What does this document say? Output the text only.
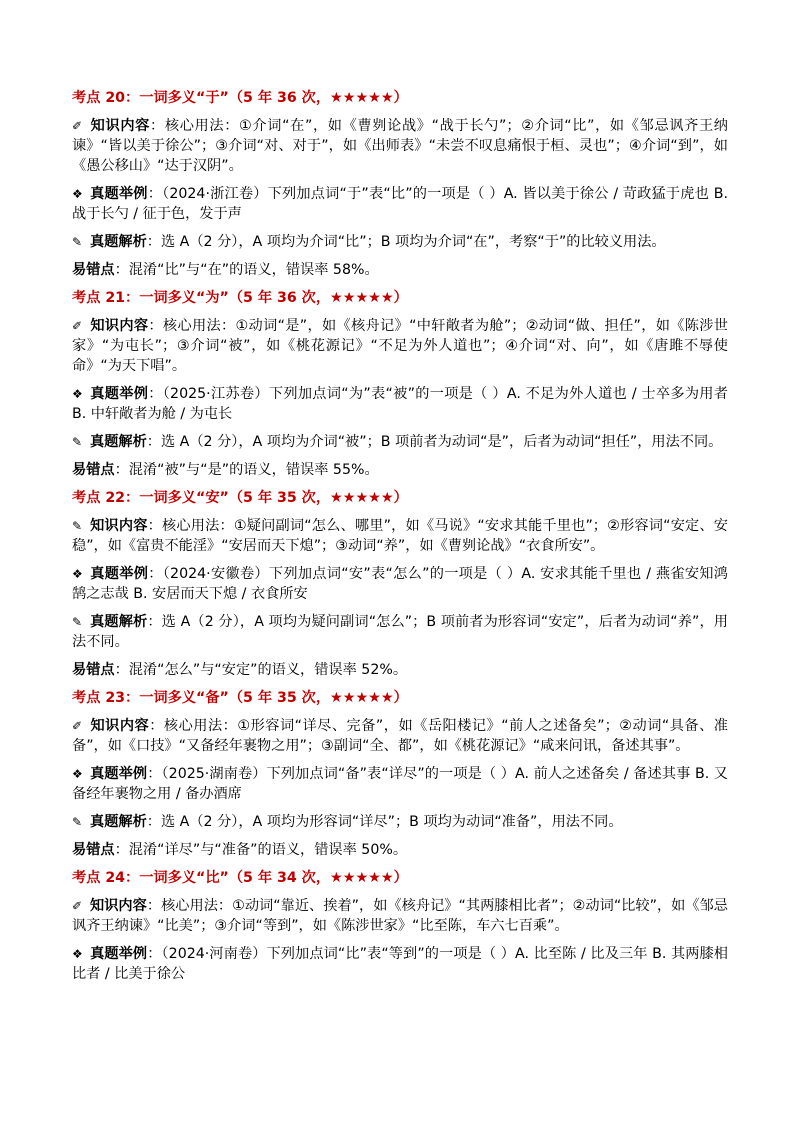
考点 20：一词多义“于”（5 年 36 次，★★★★★）

✐ 知识内容：核心用法：①介词“在”，如《曹刿论战》“战于长勺”；②介词“比”，如《邹忌讽齐王纳谏》“皆以美于徐公”；③介词“对、对于”，如《出师表》“未尝不叹息痛恨于桓、灵也”；④介词“到”，如《愚公移山》“达于汉阴”。

❖ 真题举例：（2024·浙江卷）下列加点词“于”表“比”的一项是（ ）A. 皆以美于徐公 / 苛政猛于虎也 B. 战于长勺 / 征于色，发于声

✎ 真题解析：选 A（2 分），A 项均为介词“比”；B 项均为介词“在”，考察“于”的比较义用法。

易错点：混淆“比”与“在”的语义，错误率 58%。

考点 21：一词多义“为”（5 年 36 次，★★★★★）

✐ 知识内容：核心用法：①动词“是”，如《核舟记》“中轩敞者为舱”；②动词“做、担任”，如《陈涉世家》“为屯长”；③介词“被”，如《桃花源记》“不足为外人道也”；④介词“对、向”，如《唐雎不辱使命》“为天下唱”。

❖ 真题举例：（2025·江苏卷）下列加点词“为”表“被”的一项是（ ）A. 不足为外人道也 / 士卒多为用者 B. 中轩敞者为舱 / 为屯长

✎ 真题解析：选 A（2 分），A 项均为介词“被”；B 项前者为动词“是”，后者为动词“担任”，用法不同。

易错点：混淆“被”与“是”的语义，错误率 55%。

考点 22：一词多义“安”（5 年 35 次，★★★★★）

✎ 知识内容：核心用法：①疑问副词“怎么、哪里”，如《马说》“安求其能千里也”；②形容词“安定、安稳”，如《富贵不能淫》“安居而天下熄”；③动词“养”，如《曹刿论战》“衣食所安”。

❖ 真题举例：（2024·安徽卷）下列加点词“安”表“怎么”的一项是（ ）A. 安求其能千里也 / 燕雀安知鸿鹄之志哉 B. 安居而天下熄 / 衣食所安

✎ 真题解析：选 A（2 分），A 项均为疑问副词“怎么”；B 项前者为形容词“安定”，后者为动词“养”，用法不同。

易错点：混淆“怎么”与“安定”的语义，错误率 52%。

考点 23：一词多义“备”（5 年 35 次，★★★★★）

✐ 知识内容：核心用法：①形容词“详尽、完备”，如《岳阳楼记》“前人之述备矣”；②动词“具备、准备”，如《口技》“又备经年裹物之用”；③副词“全、都”，如《桃花源记》“咸来问讯，备述其事”。

❖ 真题举例：（2025·湖南卷）下列加点词“备”表“详尽”的一项是（ ）A. 前人之述备矣 / 备述其事 B. 又备经年裹物之用 / 备办酒席

✎ 真题解析：选 A（2 分），A 项均为形容词“详尽”；B 项均为动词“准备”，用法不同。

易错点：混淆“详尽”与“准备”的语义，错误率 50%。

考点 24：一词多义“比”（5 年 34 次，★★★★★）

✐ 知识内容：核心用法：①动词“靠近、挨着”，如《核舟记》“其两膝相比者”；②动词“比较”，如《邹忌讽齐王纳谏》“比美”；③介词“等到”，如《陈涉世家》“比至陈，车六七百乘”。

❖ 真题举例：（2024·河南卷）下列加点词“比”表“等到”的一项是（ ）A. 比至陈 / 比及三年 B. 其两膝相比者 / 比美于徐公
